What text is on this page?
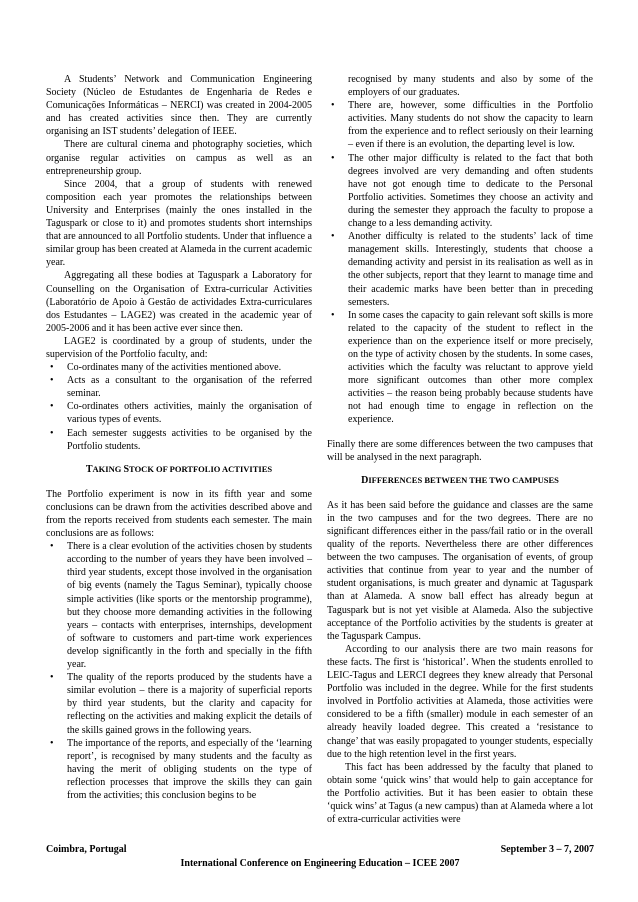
A Students’ Network and Communication Engineering Society (Núcleo de Estudantes de Engenharia de Redes e Comunicações Informáticas – NERCI) was created in 2004-2005 and has created activities since then. They are currently organising an IST students’ delegation of IEEE.

There are cultural cinema and photography societies, which organise regular activities on campus as well as an entrepreneurship group.

Since 2004, that a group of students with renewed composition each year promotes the relationships between University and Enterprises (mainly the ones installed in the Taguspark or close to it) and promotes students short internships that are announced to all Portfolio students. Under that influence a similar group has been created at Alameda in the current academic year.

Aggregating all these bodies at Taguspark a Laboratory for Counselling on the Organisation of Extra-curricular Activities (Laboratório de Apoio à Gestão de actividades Extra-curriculares dos Estudantes – LAGE2) was created in the academic year of 2005-2006 and it has been active ever since then.

LAGE2 is coordinated by a group of students, under the supervision of the Portfolio faculty, and:

• Co-ordinates many of the activities mentioned above.
• Acts as a consultant to the organisation of the referred seminar.
• Co-ordinates others activities, mainly the organisation of various types of events.
• Each semester suggests activities to be organised by the Portfolio students.
TAKING STOCK OF PORTFOLIO ACTIVITIES

The Portfolio experiment is now in its fifth year and some conclusions can be drawn from the activities described above and from the reports received from students each semester. The main conclusions are as follows:

• There is a clear evolution of the activities chosen by students according to the number of years they have been involved – third year students, except those involved in the organisation of big events (namely the Tagus Seminar), typically choose simple activities (like sports or the mentorship programme), but they choose more demanding activities in the following years – contacts with enterprises, internships, development of software to customers and part-time work experiences develop significantly in the forth and specially in the fifth year.
• The quality of the reports produced by the students have a similar evolution – there is a majority of superficial reports by third year students, but the clarity and capacity for reflecting on the activities and making explicit the details of the skills gained grows in the following years.
• The importance of the reports, and especially of the ‘learning report’, is recognised by many students and the faculty as having the merit of obliging students on the type of reflection processes that improve the skills they can gain from the activities; this conclusion begins to be

recognised by many students and also by some of the employers of our graduates.

• There are, however, some difficulties in the Portfolio activities. Many students do not show the capacity to learn from the experience and to reflect seriously on their learning – even if there is an evolution, the departing level is low.
• The other major difficulty is related to the fact that both degrees involved are very demanding and often students have not got enough time to dedicate to the Personal Portfolio activities. Sometimes they choose an activity and during the semester they approach the faculty to propose a change to a less demanding activity.
• Another difficulty is related to the students’ lack of time management skills. Interestingly, students that choose a demanding activity and persist in its realisation as well as in the other subjects, report that they learnt to manage time and their academic marks have been better than in preceding semesters.
• In some cases the capacity to gain relevant soft skills is more related to the capacity of the student to reflect in the experience than on the experience itself or more precisely, on the type of activity chosen by the students. In some cases, activities which the faculty was reluctant to approve yield more significant outcomes than other more complex activities – the reason being probably because students have not had enough time to engage in reflection on the experience.

Finally there are some differences between the two campuses that will be analysed in the next paragraph.

DIFFERENCES BETWEEN THE TWO CAMPUSES

As it has been said before the guidance and classes are the same in the two campuses and for the two degrees. There are no significant differences either in the pass/fail ratio or in the overall quality of the reports. Nevertheless there are other differences between the two campuses. The organisation of events, of group activities that continue from year to year and the number of student organisations, is much greater and dynamic at Taguspark than at Alameda. A snow ball effect has already begun at Taguspark but is not yet visible at Alameda. Also the subjective acceptance of the Portfolio activities by the students is greater at the Taguspark Campus.

According to our analysis there are two main reasons for these facts. The first is ‘historical’. When the students enrolled to LEIC-Tagus and LERCI degrees they knew already that Personal Portfolio was included in the degree. While for the first students involved in Portfolio activities at Alameda, those activities were considered to be a fifth (smaller) module in each semester of an already heavily loaded degree. This created a ‘resistance to change’ that was easily propagated to younger students, especially due to the high retention level in the first years.

This fact has been addressed by the faculty that planed to obtain some ‘quick wins’ that would help to gain acceptance for the Portfolio activities. But it has been easier to obtain these ‘quick wins’ at Tagus (a new campus) than at Alameda where a lot of extra-curricular activities were

Coimbra, Portugal	September 3 – 7, 2007
International Conference on Engineering Education – ICEE 2007
